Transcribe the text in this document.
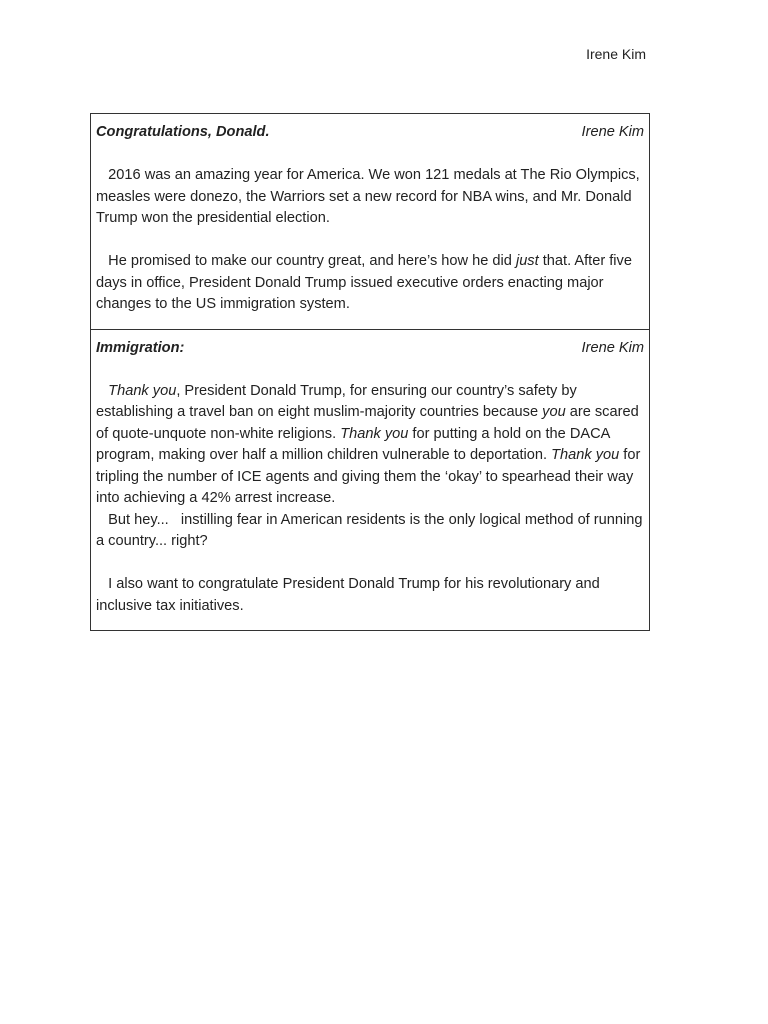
Irene Kim
Congratulations, Donald.	Irene Kim

2016 was an amazing year for America. We won 121 medals at The Rio Olympics, measles were donezo, the Warriors set a new record for NBA wins, and Mr. Donald Trump won the presidential election.

He promised to make our country great, and here’s how he did just that. After five days in office, President Donald Trump issued executive orders enacting major changes to the US immigration system.

Immigration:	Irene Kim

Thank you, President Donald Trump, for ensuring our country’s safety by establishing a travel ban on eight muslim-majority countries because you are scared of quote-unquote non-white religions. Thank you for putting a hold on the DACA program, making over half a million children vulnerable to deportation. Thank you for tripling the number of ICE agents and giving them the ‘okay’ to spearhead their way into achieving a 42% arrest increase.

But hey...   instilling fear in American residents is the only logical method of running a country... right?

I also want to congratulate President Donald Trump for his revolutionary and inclusive tax initiatives.
